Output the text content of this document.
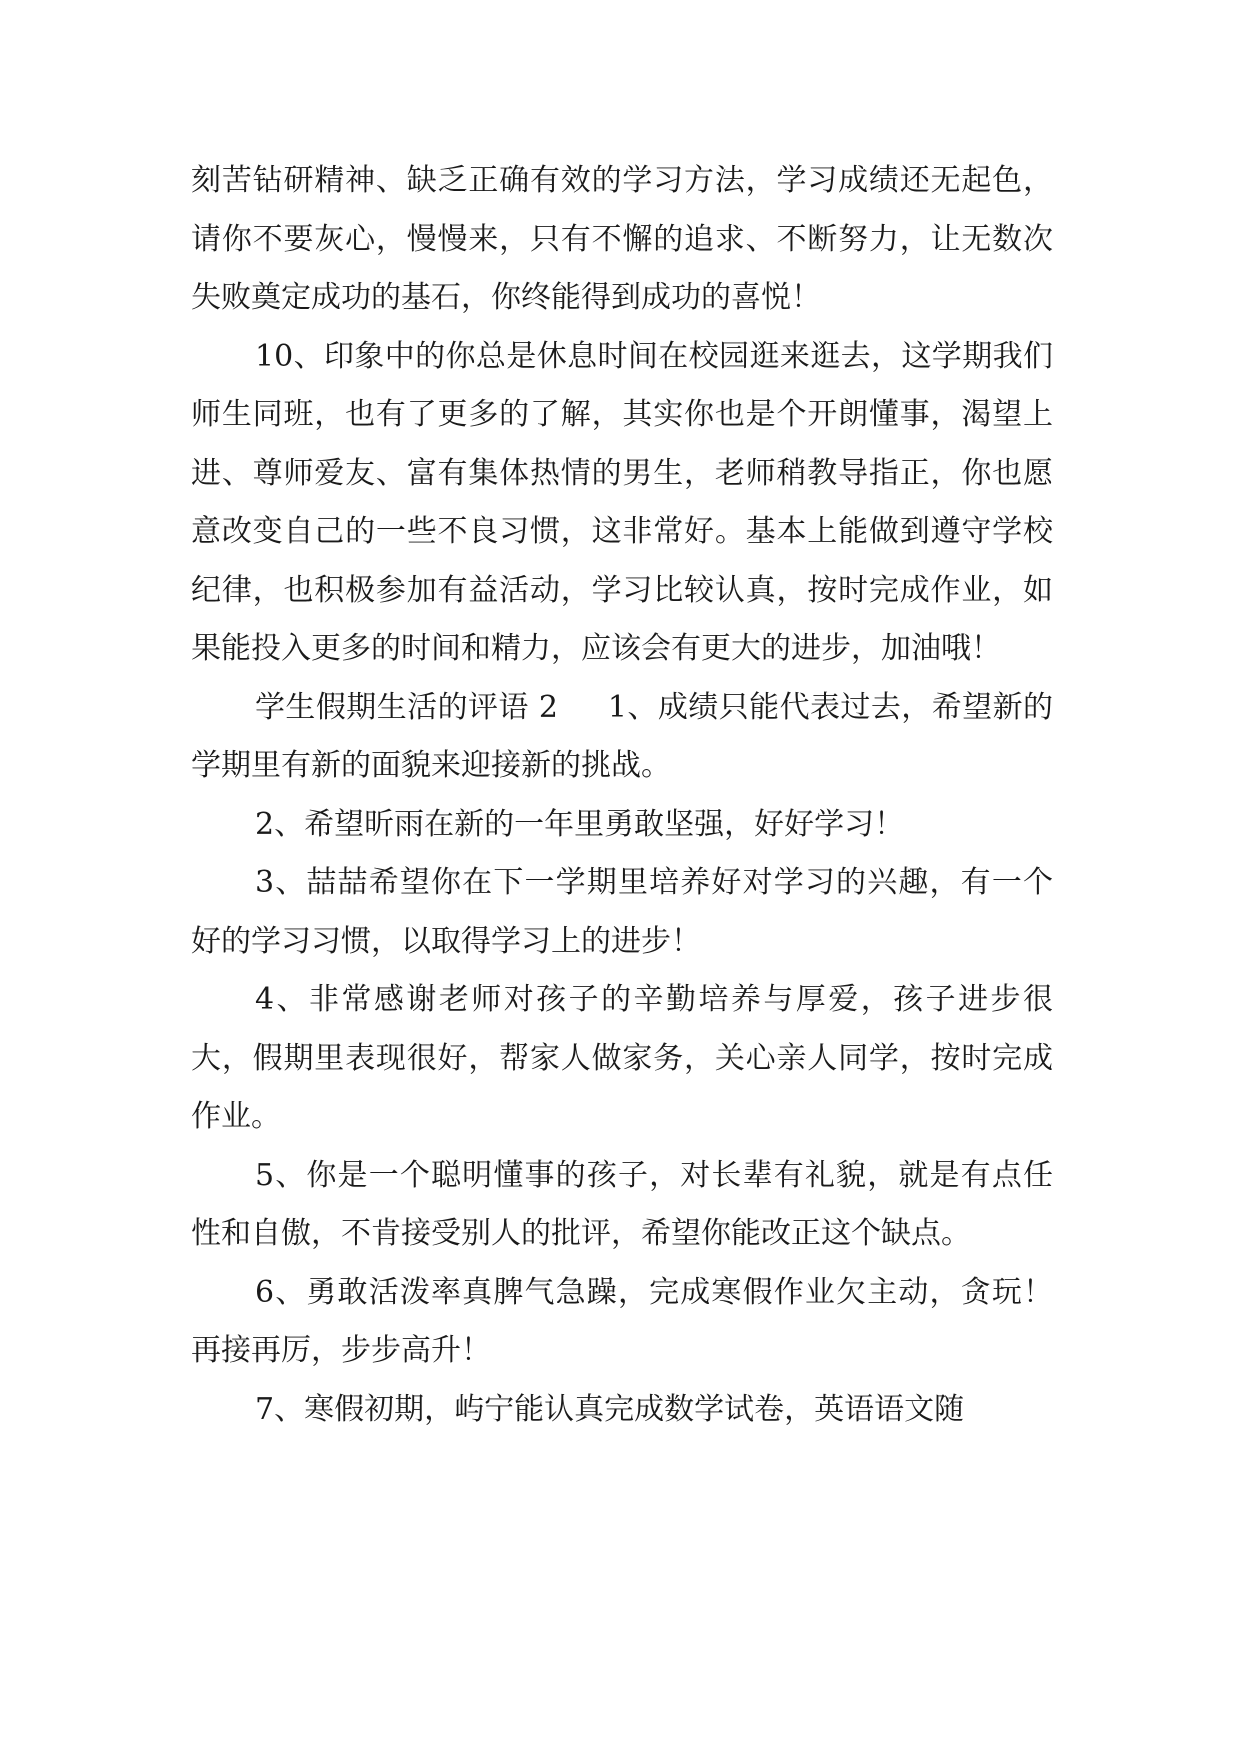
刻苦钻研精神、缺乏正确有效的学习方法，学习成绩还无起色，请你不要灰心，慢慢来，只有不懈的追求、不断努力，让无数次失败奠定成功的基石，你终能得到成功的喜悦！

10、印象中的你总是休息时间在校园逛来逛去，这学期我们师生同班，也有了更多的了解，其实你也是个开朗懂事，渴望上进、尊师爱友、富有集体热情的男生，老师稍教导指正，你也愿意改变自己的一些不良习惯，这非常好。基本上能做到遵守学校纪律，也积极参加有益活动，学习比较认真，按时完成作业，如果能投入更多的时间和精力，应该会有更大的进步，加油哦！

学生假期生活的评语 2 1、成绩只能代表过去，希望新的学期里有新的面貌来迎接新的挑战。

2、希望昕雨在新的一年里勇敢坚强，好好学习！

3、喆喆希望你在下一学期里培养好对学习的兴趣，有一个好的学习习惯，以取得学习上的进步！

4、非常感谢老师对孩子的辛勤培养与厚爱，孩子进步很大，假期里表现很好，帮家人做家务，关心亲人同学，按时完成作业。

5、你是一个聪明懂事的孩子，对长辈有礼貌，就是有点任性和自傲，不肯接受别人的批评，希望你能改正这个缺点。

6、勇敢活泼率真脾气急躁，完成寒假作业欠主动，贪玩！再接再厉，步步高升！

7、寒假初期，屿宁能认真完成数学试卷，英语语文随
